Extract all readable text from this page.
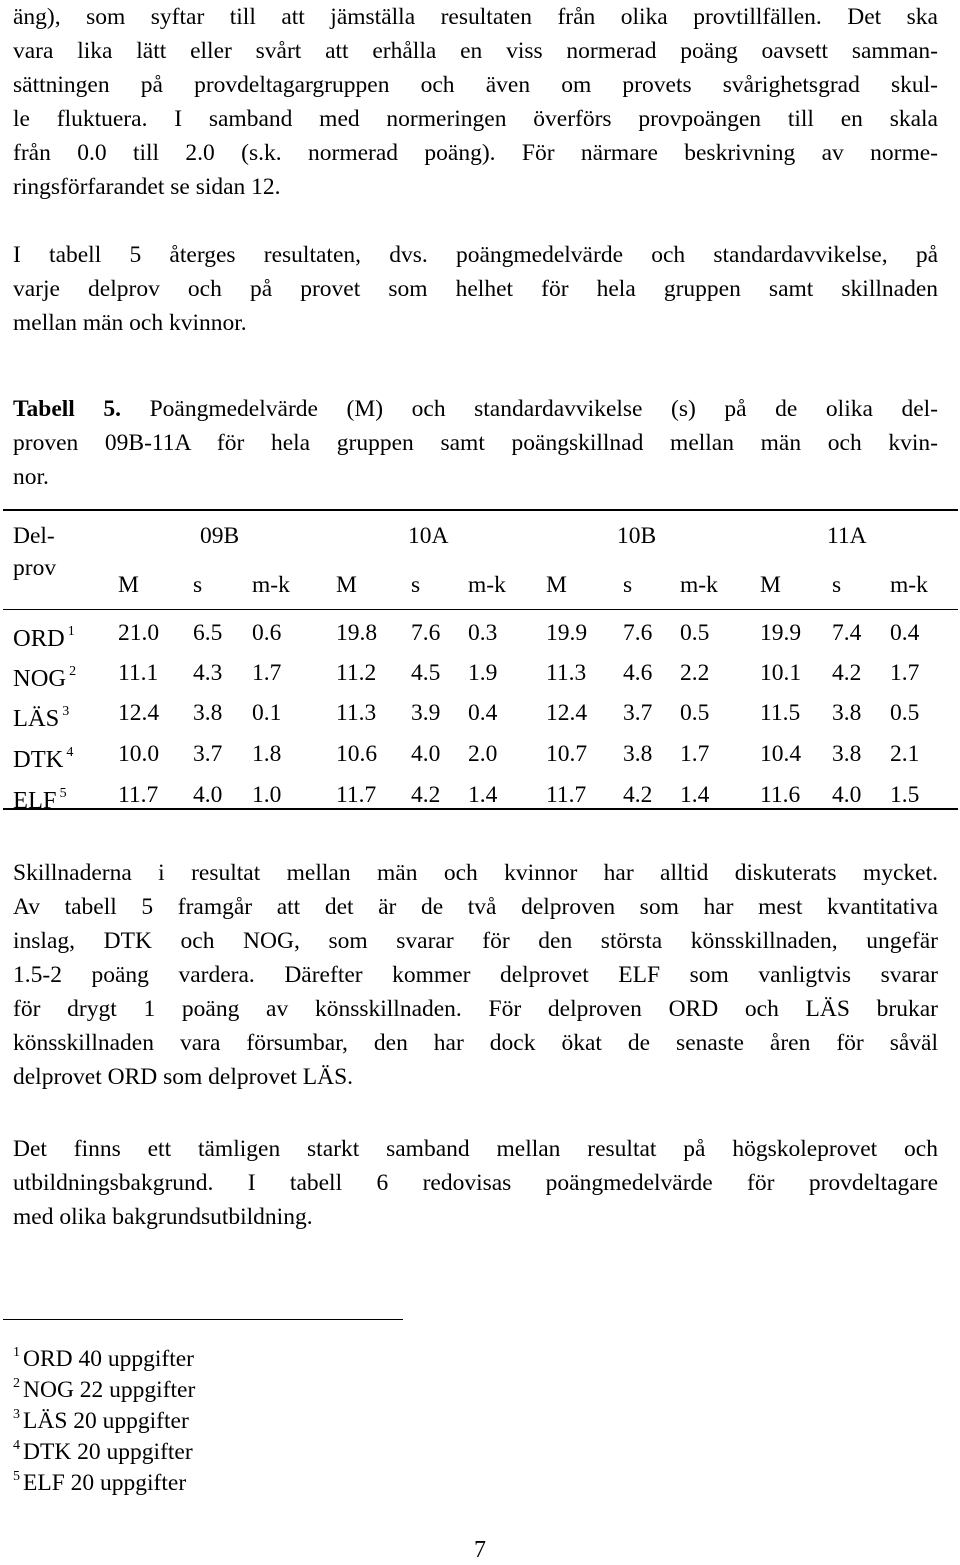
äng), som syftar till att jämställa resultaten från olika provtillfällen. Det ska
vara lika lätt eller svårt att erhålla en viss normerad poäng oavsett samman-
sättningen på provdeltagargruppen och även om provets svårighetsgrad skul-
le fluktuera. I samband med normeringen överförs provpoängen till en skala
från 0.0 till 2.0 (s.k. normerad poäng). För närmare beskrivning av norme-
ringsförfarandet se sidan 12.

I tabell 5 återges resultaten, dvs. poängmedelvärde och standardavvikelse, på
varje delprov och på provet som helhet för hela gruppen samt skillnaden
mellan män och kvinnor.

Tabell 5. Poängmedelvärde (M) och standardavvikelse (s) på de olika del-
proven 09B-11A för hela gruppen samt poängskillnad mellan män och kvin-
nor.

Del-
prov
09B	10A	10B	11A
M s m-k M s m-k M s m-k M s m-k
ORD $^1$ 21.0 6.5 0.6 19.8 7.6 0.3 19.9 7.6 0.5 19.9 7.4 0.4
NOG $^2$ 11.1 4.3 1.7 11.2 4.5 1.9 11.3 4.6 2.2 10.1 4.2 1.7
LÄS $^3$ 12.4 3.8 0.1 11.3 3.9 0.4 12.4 3.7 0.5 11.5 3.8 0.5
DTK $^4$ 10.0 3.7 1.8 10.6 4.0 2.0 10.7 3.8 1.7 10.4 3.8 2.1
ELF $^5$ 11.7 4.0 1.0 11.7 4.2 1.4 11.7 4.2 1.4 11.6 4.0 1.5

Skillnaderna i resultat mellan män och kvinnor har alltid diskuterats mycket.
Av tabell 5 framgår att det är de två delproven som har mest kvantitativa
inslag, DTK och NOG, som svarar för den största könsskillnaden, ungefär
1.5-2 poäng vardera. Därefter kommer delprovet ELF som vanligtvis svarar
för drygt 1 poäng av könsskillnaden. För delproven ORD och LÄS brukar
könsskillnaden vara försumbar, den har dock ökat de senaste åren för såväl
delprovet ORD som delprovet LÄS.

Det finns ett tämligen starkt samband mellan resultat på högskoleprovet och
utbildningsbakgrund. I tabell 6 redovisas poängmedelvärde för provdeltagare
med olika bakgrundsutbildning.

$^1$ ORD 40 uppgifter
$^2$ NOG 22 uppgifter
$^3$ LÄS 20 uppgifter
$^4$ DTK 20 uppgifter
$^5$ ELF 20 uppgifter
7
